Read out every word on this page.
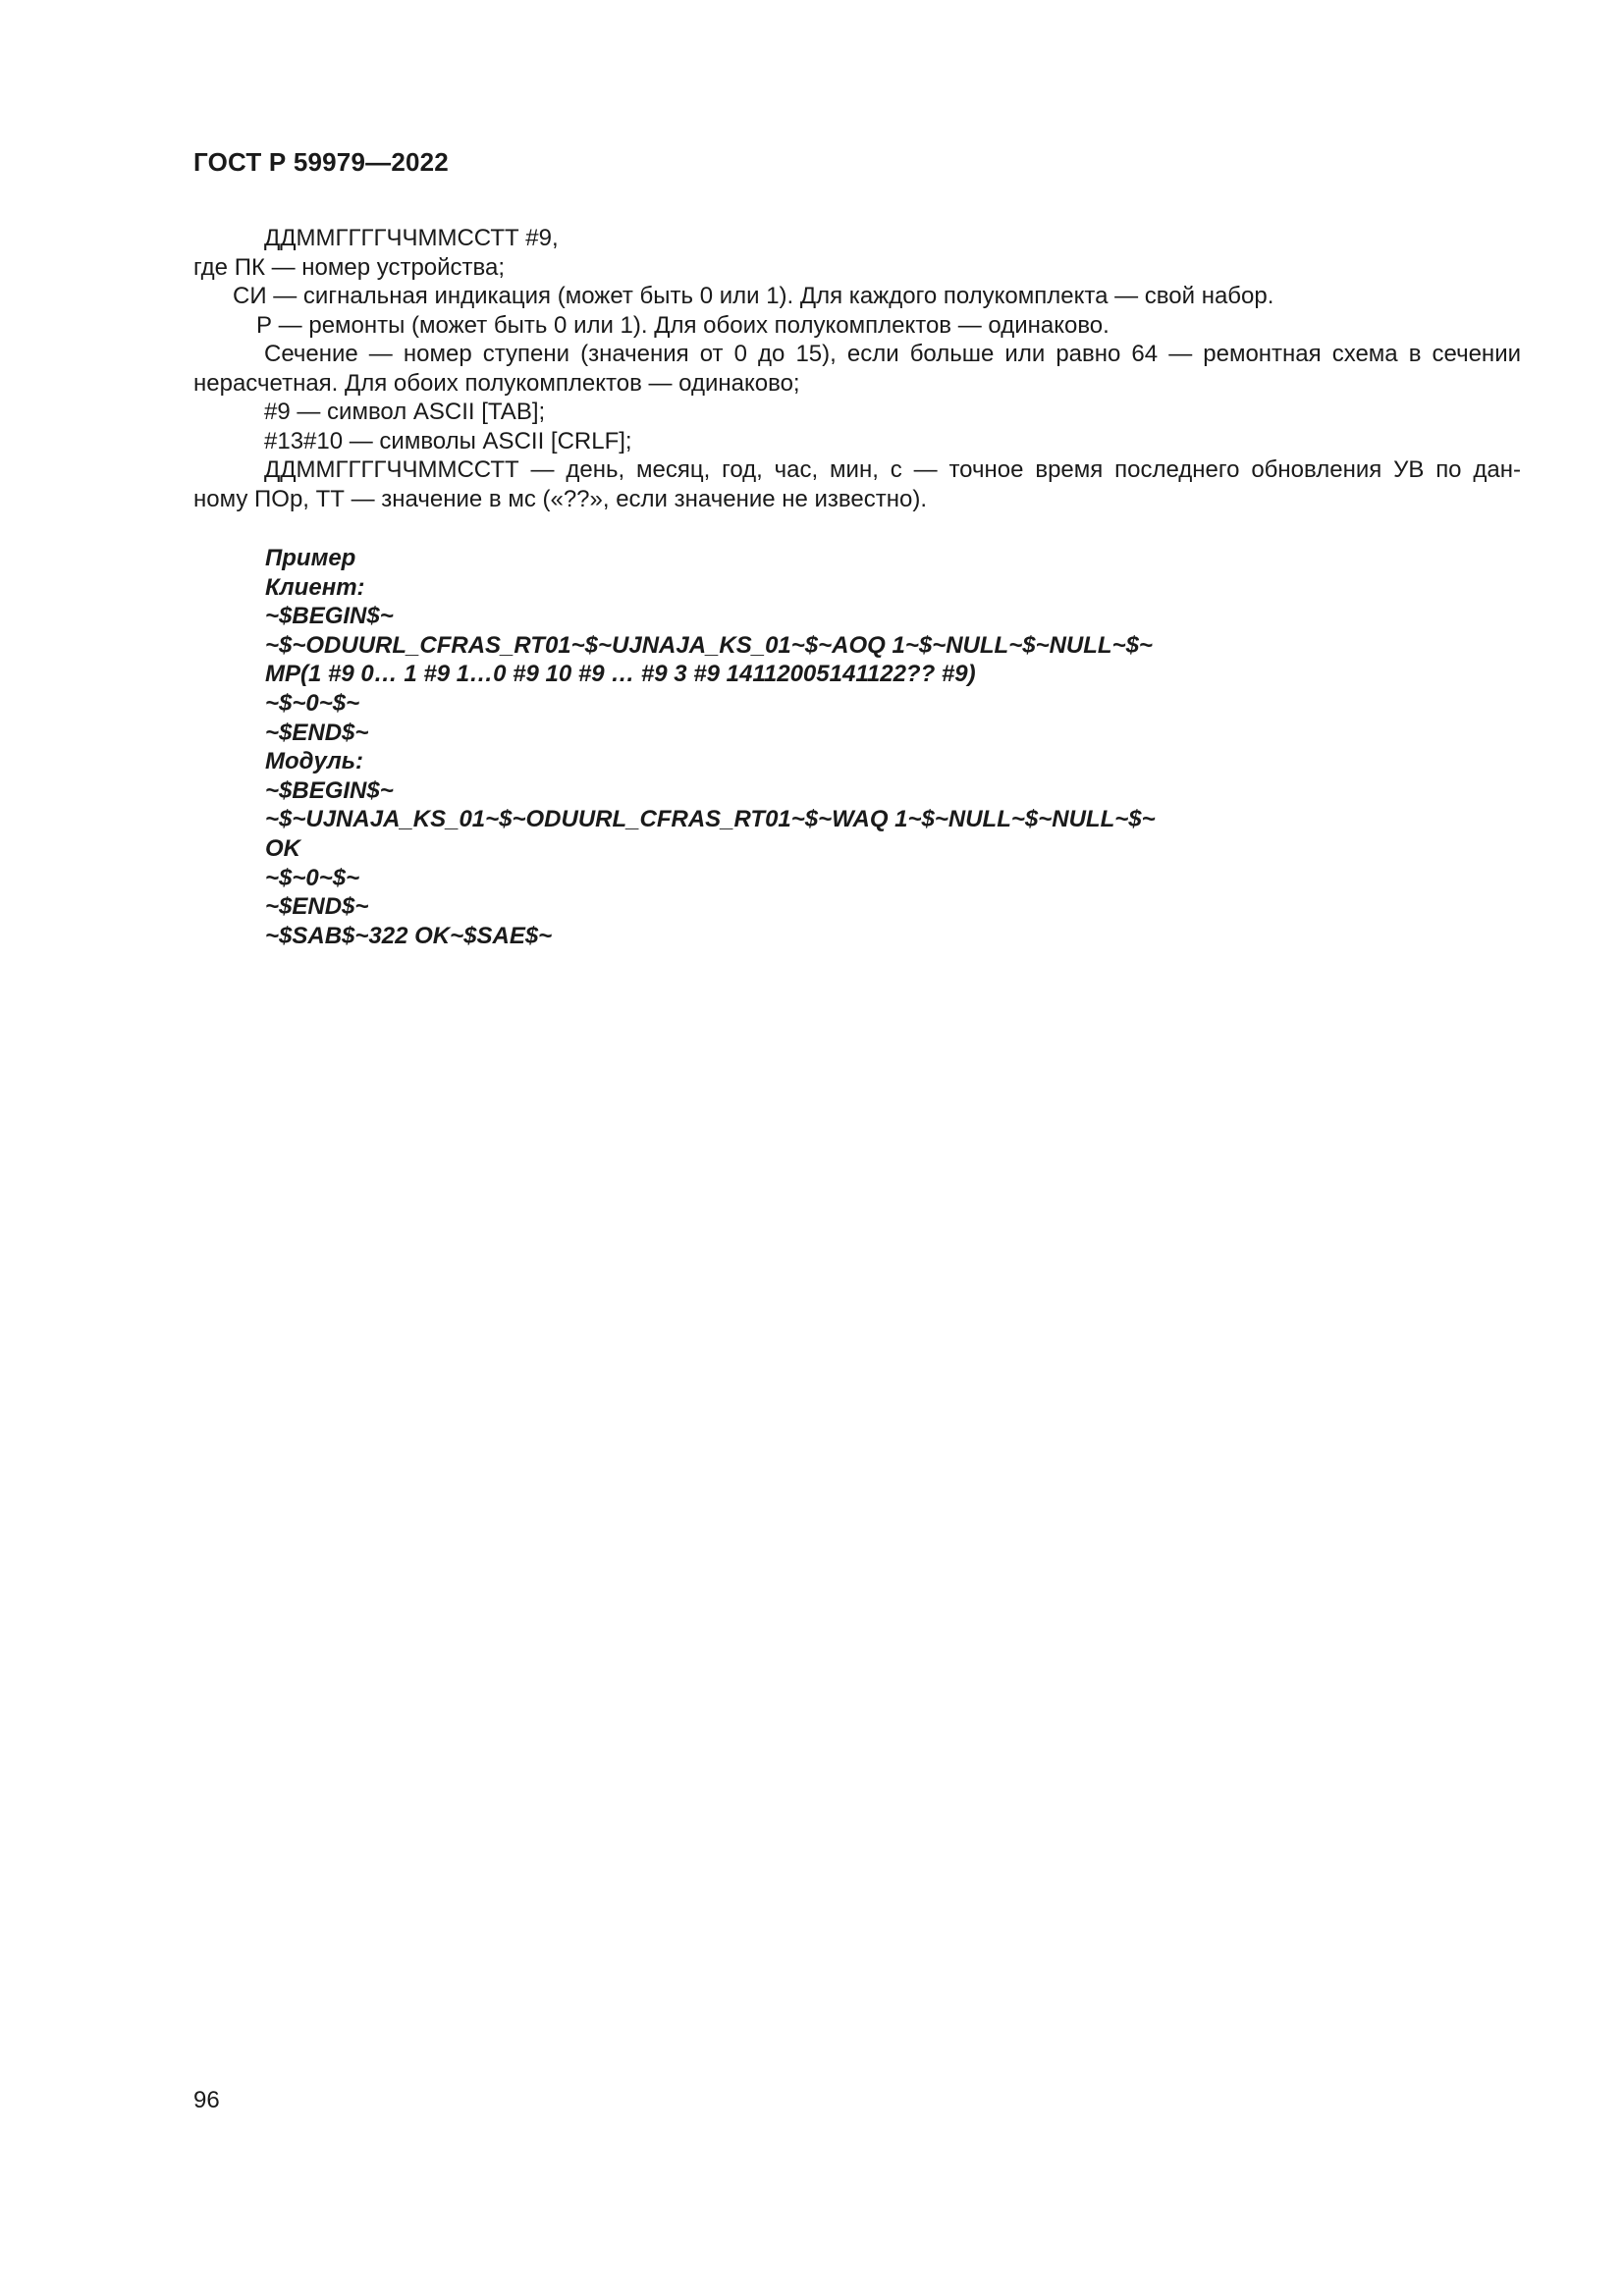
ГОСТ Р 59979—2022
ДДММГГГГЧЧММССТТ #9,
где ПК — номер устройства;
СИ — сигнальная индикация (может быть 0 или 1). Для каждого полукомплекта — свой набор.
Р — ремонты (может быть 0 или 1). Для обоих полукомплектов — одинаково.
Сечение — номер ступени (значения от 0 до 15), если больше или равно 64 — ремонтная схема в сечении
нерасчетная. Для обоих полукомплектов — одинаково;
#9 — символ ASCII [TAB];
#13#10 — символы ASCII [CRLF];
ДДММГГГГЧЧММССТТ — день, месяц, год, час, мин, с — точное время последнего обновления УВ по дан-
ному ПОр, ТТ — значение в мс («??», если значение не известно).
Пример
Клиент:
~$BEGIN$~
~$~ODUURL_CFRAS_RT01~$~UJNAJA_KS_01~$~AOQ 1~$~NULL~$~NULL~$~
MP(1 #9 0… 1 #9 1…0 #9 10 #9 … #9 3 #9 14112005141122?? #9)
~$~0~$~
~$END$~
Модуль:
~$BEGIN$~
~$~UJNAJA_KS_01~$~ODUURL_CFRAS_RT01~$~WAQ 1~$~NULL~$~NULL~$~
OK
~$~0~$~
~$END$~
~$SAB$~322 OK~$SAE$~
96
